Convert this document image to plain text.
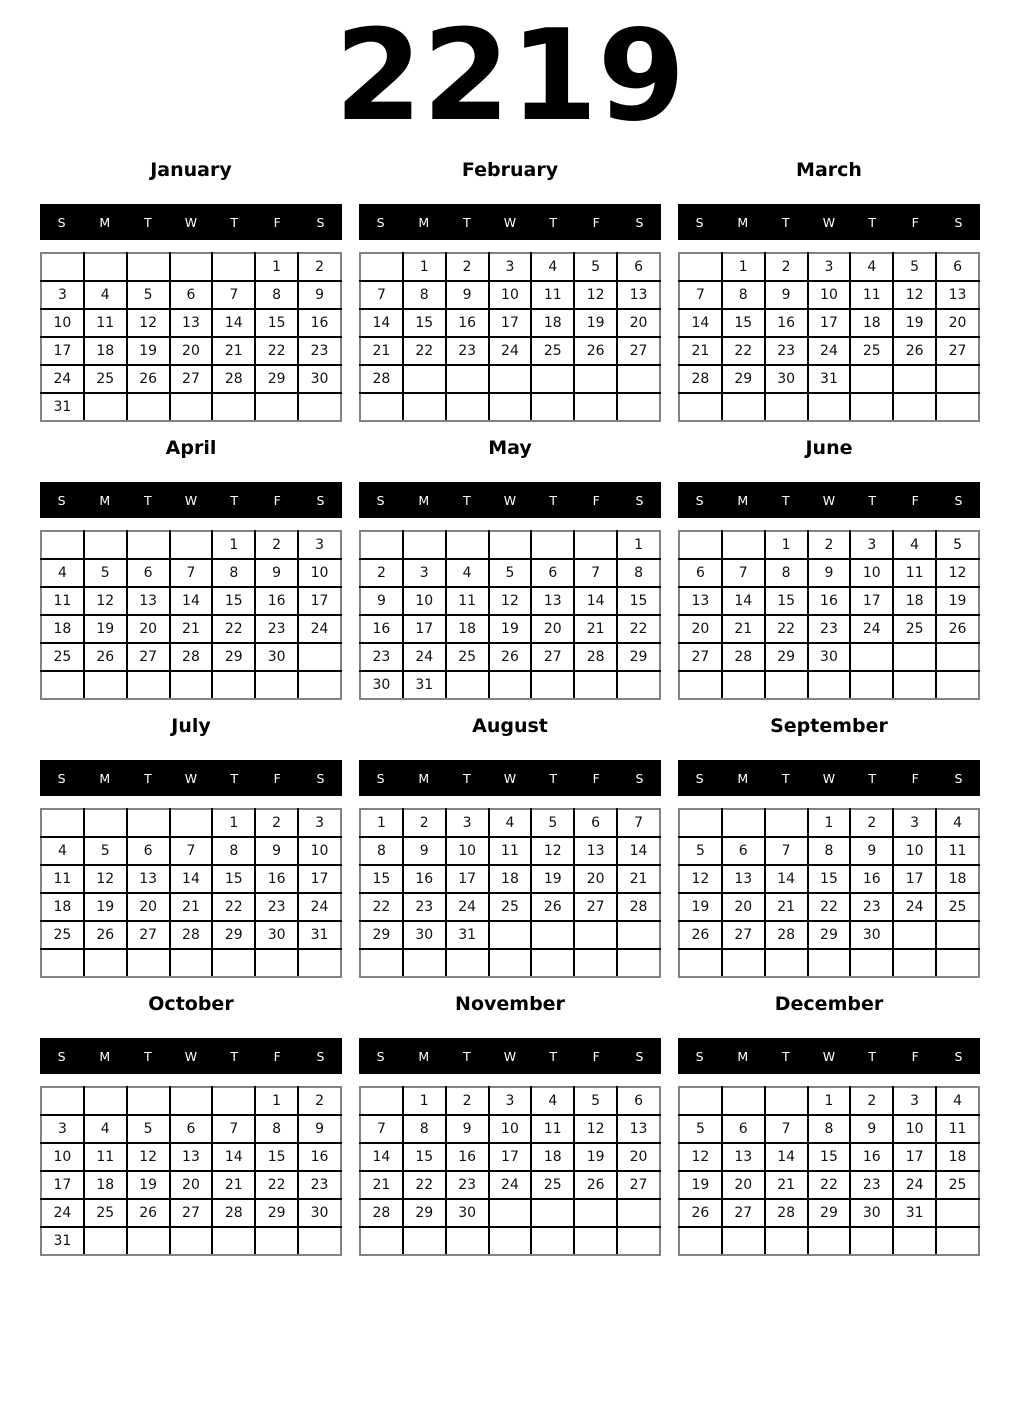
2219
January
S	M	T	W	T	F	S
					1	2
3	4	5	6	7	8	9
10	11	12	13	14	15	16
17	18	19	20	21	22	23
24	25	26	27	28	29	30
31						
February
S	M	T	W	T	F	S
	1	2	3	4	5	6
7	8	9	10	11	12	13
14	15	16	17	18	19	20
21	22	23	24	25	26	27
28						

March
S	M	T	W	T	F	S
	1	2	3	4	5	6
7	8	9	10	11	12	13
14	15	16	17	18	19	20
21	22	23	24	25	26	27
28	29	30	31			

April
S	M	T	W	T	F	S
				1	2	3
4	5	6	7	8	9	10
11	12	13	14	15	16	17
18	19	20	21	22	23	24
25	26	27	28	29	30	

May
S	M	T	W	T	F	S
						1
2	3	4	5	6	7	8
9	10	11	12	13	14	15
16	17	18	19	20	21	22
23	24	25	26	27	28	29
30	31					
June
S	M	T	W	T	F	S
		1	2	3	4	5
6	7	8	9	10	11	12
13	14	15	16	17	18	19
20	21	22	23	24	25	26
27	28	29	30			

July
S	M	T	W	T	F	S
				1	2	3
4	5	6	7	8	9	10
11	12	13	14	15	16	17
18	19	20	21	22	23	24
25	26	27	28	29	30	31

August
S	M	T	W	T	F	S
1	2	3	4	5	6	7
8	9	10	11	12	13	14
15	16	17	18	19	20	21
22	23	24	25	26	27	28
29	30	31				

September
S	M	T	W	T	F	S
			1	2	3	4
5	6	7	8	9	10	11
12	13	14	15	16	17	18
19	20	21	22	23	24	25
26	27	28	29	30		

October
S	M	T	W	T	F	S
					1	2
3	4	5	6	7	8	9
10	11	12	13	14	15	16
17	18	19	20	21	22	23
24	25	26	27	28	29	30
31						
November
S	M	T	W	T	F	S
	1	2	3	4	5	6
7	8	9	10	11	12	13
14	15	16	17	18	19	20
21	22	23	24	25	26	27
28	29	30				

December
S	M	T	W	T	F	S
			1	2	3	4
5	6	7	8	9	10	11
12	13	14	15	16	17	18
19	20	21	22	23	24	25
26	27	28	29	30	31	
